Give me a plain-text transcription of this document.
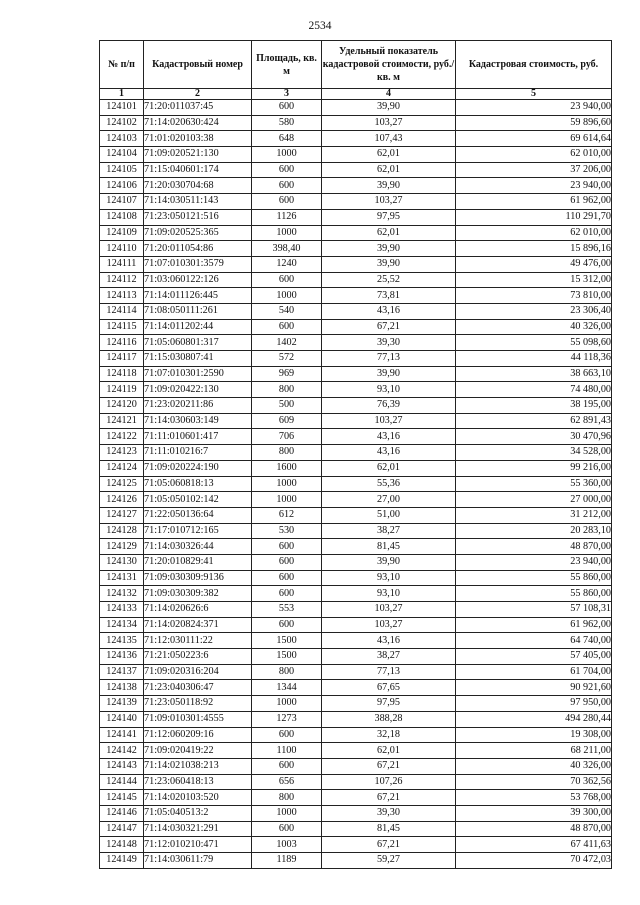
2534
№ п/п	Кадастровый номер	Площадь, кв. м	Удельный показатель кадастровой стоимости, руб./кв. м	Кадастровая стоимость, руб.
1	2	3	4	5
124101	71:20:011037:45	600	39,90	23 940,00
124102	71:14:020630:424	580	103,27	59 896,60
124103	71:01:020103:38	648	107,43	69 614,64
124104	71:09:020521:130	1000	62,01	62 010,00
124105	71:15:040601:174	600	62,01	37 206,00
124106	71:20:030704:68	600	39,90	23 940,00
124107	71:14:030511:143	600	103,27	61 962,00
124108	71:23:050121:516	1126	97,95	110 291,70
124109	71:09:020525:365	1000	62,01	62 010,00
124110	71:20:011054:86	398,40	39,90	15 896,16
124111	71:07:010301:3579	1240	39,90	49 476,00
124112	71:03:060122:126	600	25,52	15 312,00
124113	71:14:011126:445	1000	73,81	73 810,00
124114	71:08:050111:261	540	43,16	23 306,40
124115	71:14:011202:44	600	67,21	40 326,00
124116	71:05:060801:317	1402	39,30	55 098,60
124117	71:15:030807:41	572	77,13	44 118,36
124118	71:07:010301:2590	969	39,90	38 663,10
124119	71:09:020422:130	800	93,10	74 480,00
124120	71:23:020211:86	500	76,39	38 195,00
124121	71:14:030603:149	609	103,27	62 891,43
124122	71:11:010601:417	706	43,16	30 470,96
124123	71:11:010216:7	800	43,16	34 528,00
124124	71:09:020224:190	1600	62,01	99 216,00
124125	71:05:060818:13	1000	55,36	55 360,00
124126	71:05:050102:142	1000	27,00	27 000,00
124127	71:22:050136:64	612	51,00	31 212,00
124128	71:17:010712:165	530	38,27	20 283,10
124129	71:14:030326:44	600	81,45	48 870,00
124130	71:20:010829:41	600	39,90	23 940,00
124131	71:09:030309:9136	600	93,10	55 860,00
124132	71:09:030309:382	600	93,10	55 860,00
124133	71:14:020626:6	553	103,27	57 108,31
124134	71:14:020824:371	600	103,27	61 962,00
124135	71:12:030111:22	1500	43,16	64 740,00
124136	71:21:050223:6	1500	38,27	57 405,00
124137	71:09:020316:204	800	77,13	61 704,00
124138	71:23:040306:47	1344	67,65	90 921,60
124139	71:23:050118:92	1000	97,95	97 950,00
124140	71:09:010301:4555	1273	388,28	494 280,44
124141	71:12:060209:16	600	32,18	19 308,00
124142	71:09:020419:22	1100	62,01	68 211,00
124143	71:14:021038:213	600	67,21	40 326,00
124144	71:23:060418:13	656	107,26	70 362,56
124145	71:14:020103:520	800	67,21	53 768,00
124146	71:05:040513:2	1000	39,30	39 300,00
124147	71:14:030321:291	600	81,45	48 870,00
124148	71:12:010210:471	1003	67,21	67 411,63
124149	71:14:030611:79	1189	59,27	70 472,03
